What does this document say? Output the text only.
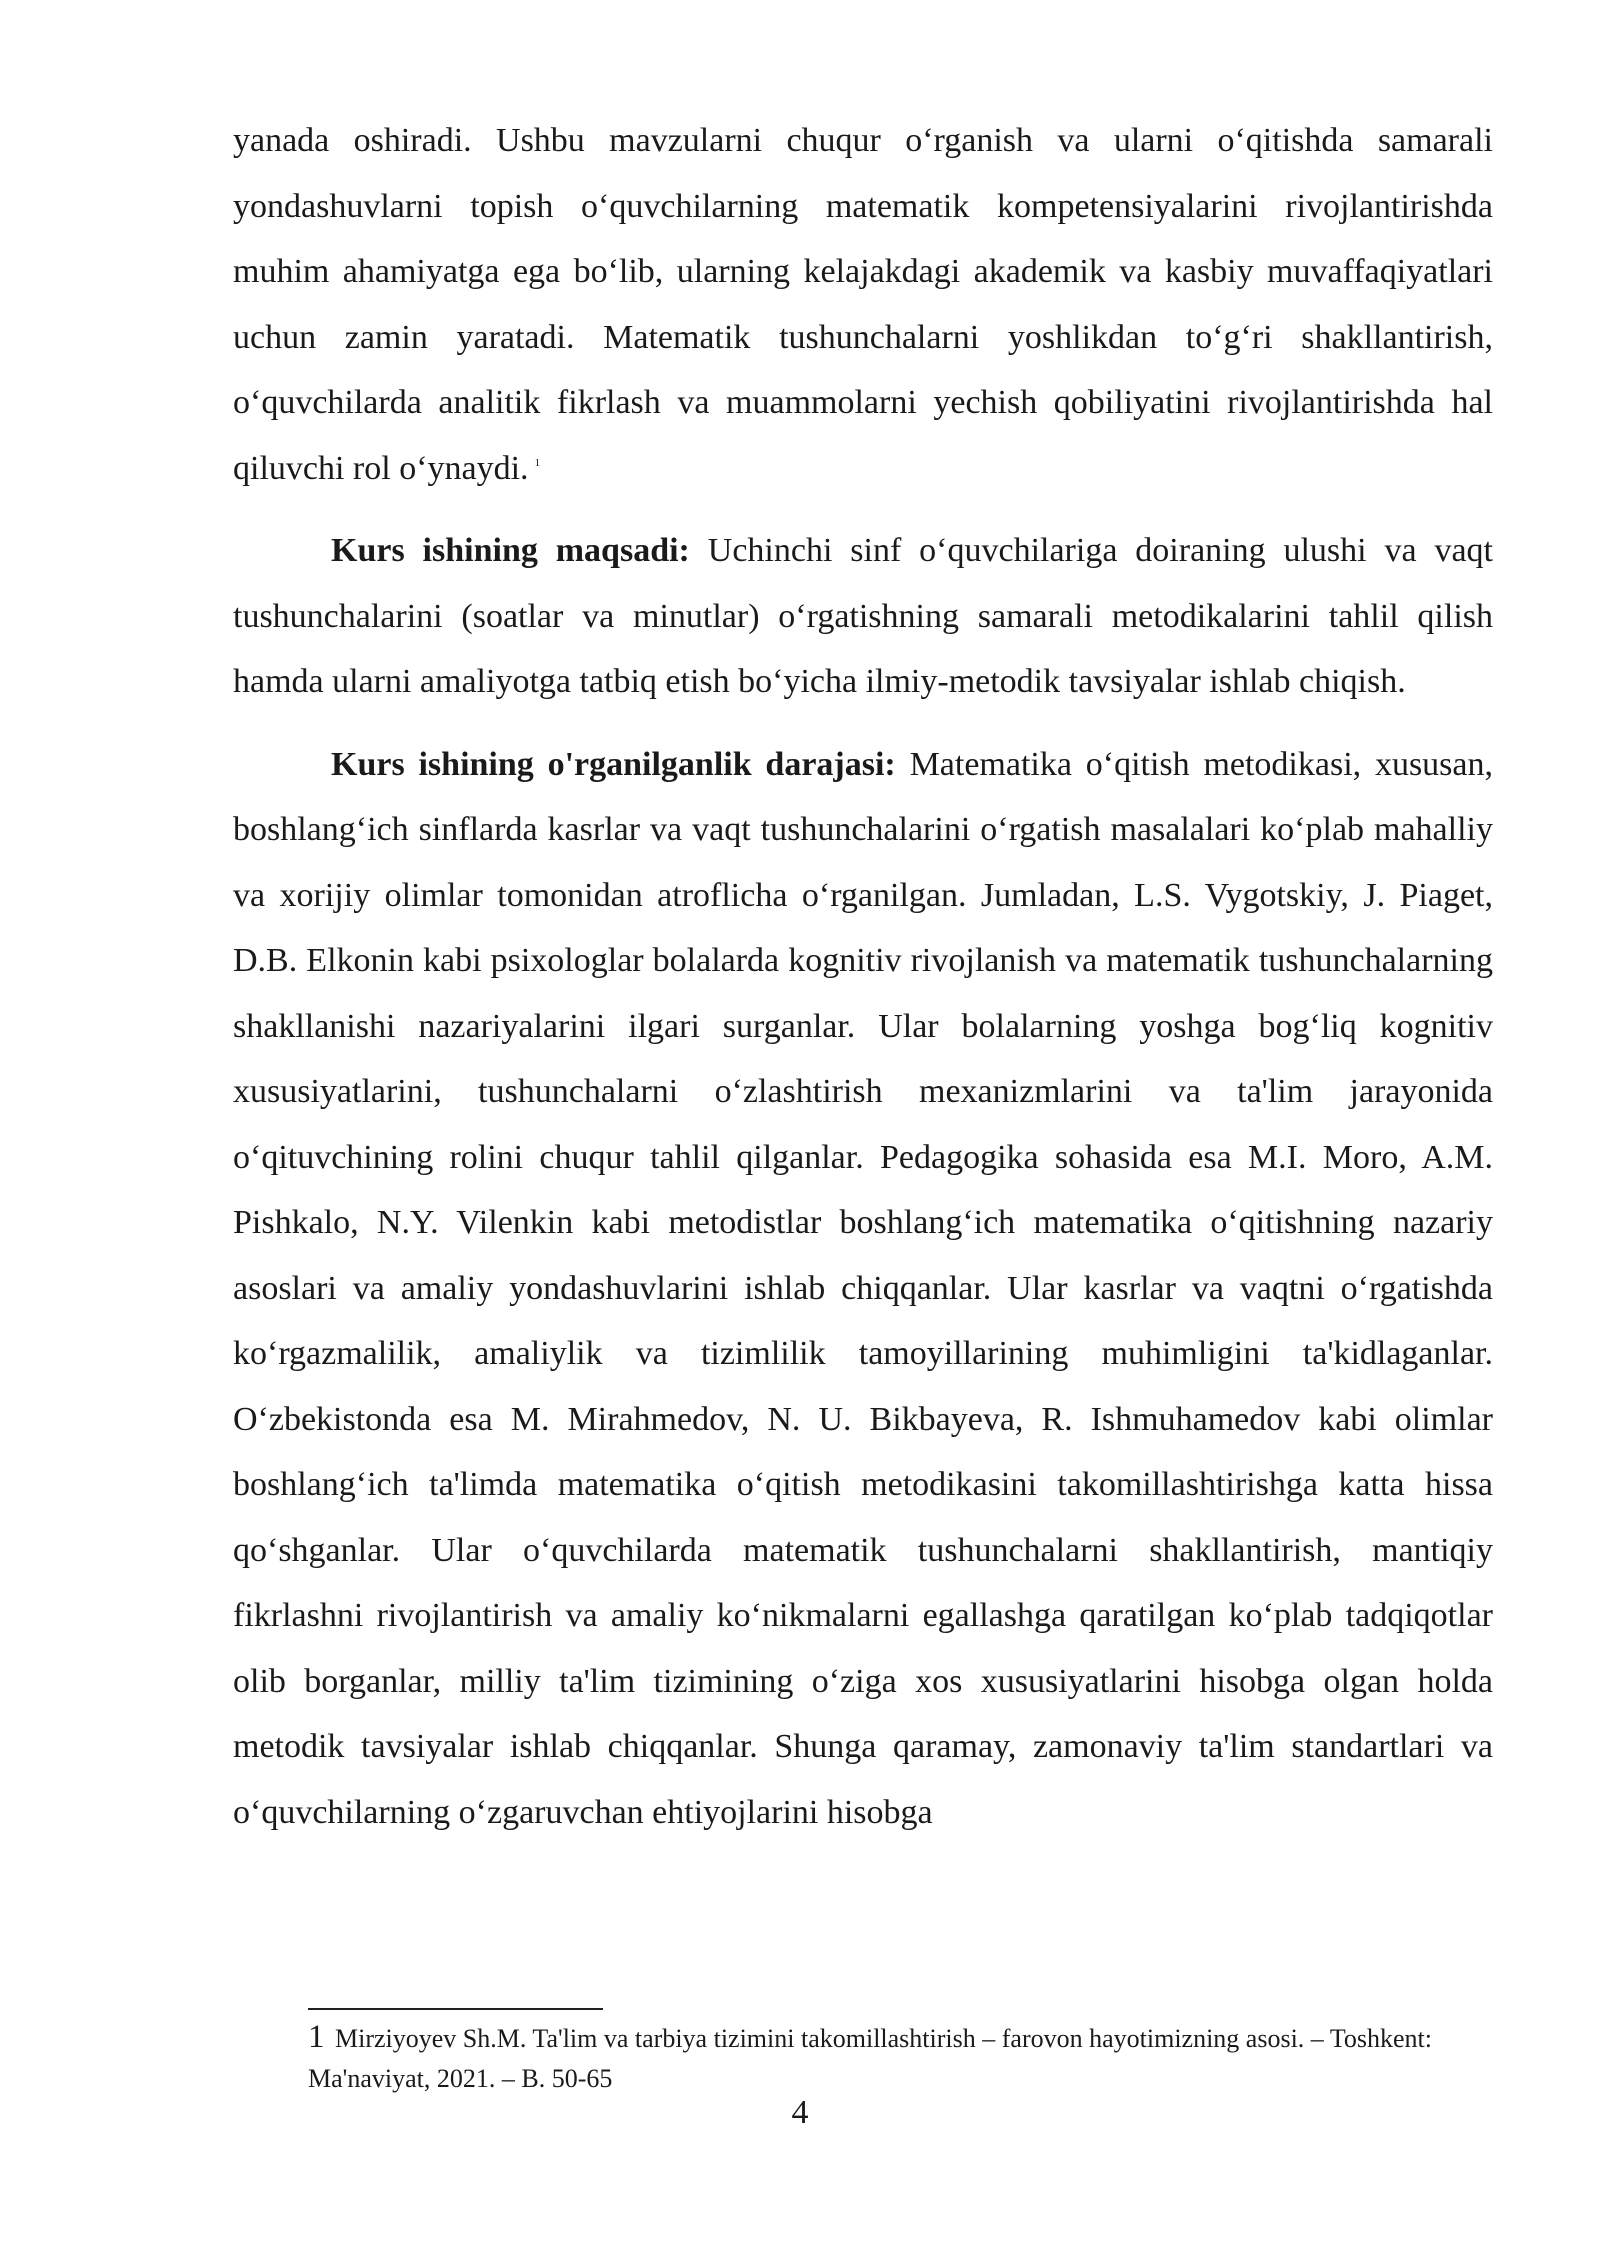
yanada oshiradi. Ushbu mavzularni chuqur o‘rganish va ularni o‘qitishda samarali yondashuvlarni topish o‘quvchilarning matematik kompetensiyalarini rivojlantirishda muhim ahamiyatga ega bo‘lib, ularning kelajakdagi akademik va kasbiy muvaffaqiyatlari uchun zamin yaratadi. Matematik tushunchalarni yoshlikdan to‘g‘ri shakllantirish, o‘quvchilarda analitik fikrlash va muammolarni yechish qobiliyatini rivojlantirishda hal qiluvchi rol o‘ynaydi. $^1$

Kurs ishining maqsadi: Uchinchi sinf o‘quvchilariga doiraning ulushi va vaqt tushunchalarini (soatlar va minutlar) o‘rgatishning samarali metodikalarini tahlil qilish hamda ularni amaliyotga tatbiq etish bo‘yicha ilmiy-metodik tavsiyalar ishlab chiqish.

Kurs ishining o'rganilganlik darajasi: Matematika o‘qitish metodikasi, xususan, boshlang‘ich sinflarda kasrlar va vaqt tushunchalarini o‘rgatish masalalari ko‘plab mahalliy va xorijiy olimlar tomonidan atroflicha o‘rganilgan. Jumladan, L.S. Vygotskiy, J. Piaget, D.B. Elkonin kabi psixologlar bolalarda kognitiv rivojlanish va matematik tushunchalarning shakllanishi nazariyalarini ilgari surganlar. Ular bolalarning yoshga bog‘liq kognitiv xususiyatlarini, tushunchalarni o‘zlashtirish mexanizmlarini va ta'lim jarayonida o‘qituvchining rolini chuqur tahlil qilganlar. Pedagogika sohasida esa M.I. Moro, A.M. Pishkalo, N.Y. Vilenkin kabi metodistlar boshlang‘ich matematika o‘qitishning nazariy asoslari va amaliy yondashuvlarini ishlab chiqqanlar. Ular kasrlar va vaqtni o‘rgatishda ko‘rgazmalilik, amaliylik va tizimlilik tamoyillarining muhimligini ta'kidlaganlar. O‘zbekistonda esa M. Mirahmedov, N. U. Bikbayeva, R. Ishmuhamedov kabi olimlar boshlang‘ich ta'limda matematika o‘qitish metodikasini takomillashtirishga katta hissa qo‘shganlar. Ular o‘quvchilarda matematik tushunchalarni shakllantirish, mantiqiy fikrlashni rivojlantirish va amaliy ko‘nikmalarni egallashga qaratilgan ko‘plab tadqiqotlar olib borganlar, milliy ta'lim tizimining o‘ziga xos xususiyatlarini hisobga olgan holda metodik tavsiyalar ishlab chiqqanlar. Shunga qaramay, zamonaviy ta'lim standartlari va o‘quvchilarning o‘zgaruvchan ehtiyojlarini hisobga

1 Mirziyoyev Sh.M. Ta'lim va tarbiya tizimini takomillashtirish – farovon hayotimizning asosi. – Toshkent: Ma'naviyat, 2021. – B. 50-65

4
